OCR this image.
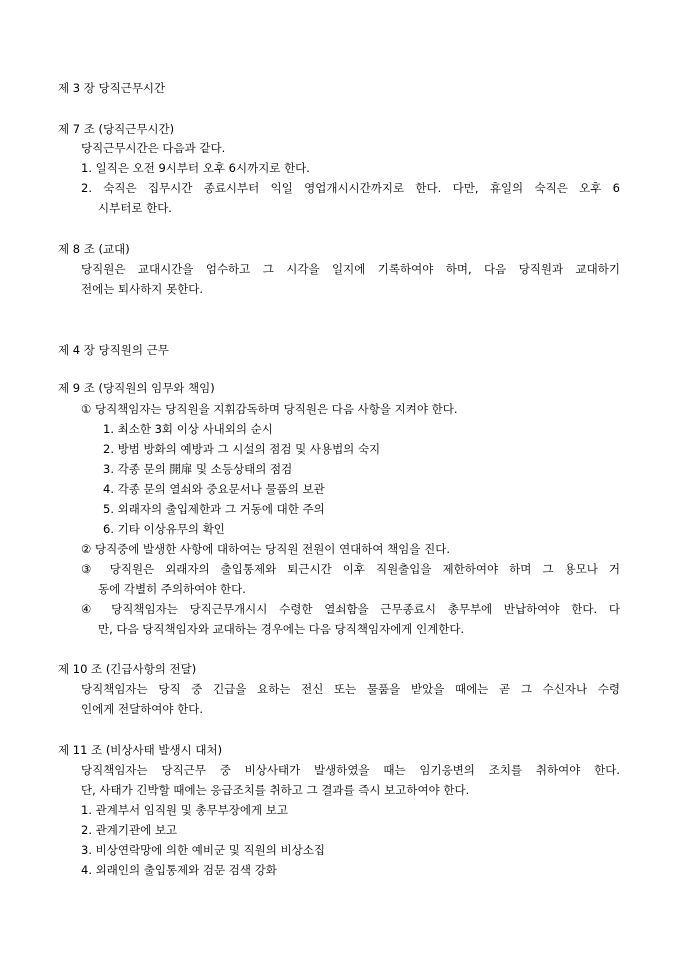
제 3 장 당직근무시간
제 7 조 (당직근무시간)
당직근무시간은 다음과 같다.
1. 일직은 오전 9시부터 오후 6시까지로 한다.
2. 숙직은 집무시간 종료시부터 익일 영업개시시간까지로 한다. 다만, 휴일의 숙직은 오후 6
시부터로 한다.
제 8 조 (교대)
당직원은 교대시간을 엄수하고 그 시각을 일지에 기록하여야 하며, 다음 당직원과 교대하기
전에는 퇴사하지 못한다.
제 4 장 당직원의 근무
제 9 조 (당직원의 임무와 책임)
① 당직책임자는 당직원을 지휘감독하며 당직원은 다음 사항을 지켜야 한다.
1. 최소한 3회 이상 사내외의 순시
2. 방범 방화의 예방과 그 시설의 점검 및 사용법의 숙지
3. 각종 문의 開扉 및 소등상태의 점검
4. 각종 문의 열쇠와 중요문서나 물품의 보관
5. 외래자의 출입제한과 그 거동에 대한 주의
6. 기타 이상유무의 확인
② 당직중에 발생한 사항에 대하여는 당직원 전원이 연대하여 책임을 진다.
③ 당직원은 외래자의 출입통제와 퇴근시간 이후 직원출입을 제한하여야 하며 그 용모나 거
동에 각별히 주의하여야 한다.
④ 당직책임자는 당직근무개시시 수령한 열쇠함을 근무종료시 총무부에 반납하여야 한다. 다
만, 다음 당직책임자와 교대하는 경우에는 다음 당직책임자에게 인계한다.
제 10 조 (긴급사항의 전달)
당직책임자는 당직 중 긴급을 요하는 전신 또는 물품을 받았을 때에는 곧 그 수신자나 수령
인에게 전달하여야 한다.
제 11 조 (비상사태 발생시 대처)
당직책임자는 당직근무 중 비상사태가 발생하였을 때는 임기응변의 조치를 취하여야 한다.
단, 사태가 긴박할 때에는 응급조치를 취하고 그 결과를 즉시 보고하여야 한다.
1. 관계부서 임직원 및 총무부장에게 보고
2. 관계기관에 보고
3. 비상연락망에 의한 예비군 및 직원의 비상소집
4. 외래인의 출입통제와 검문 검색 강화
